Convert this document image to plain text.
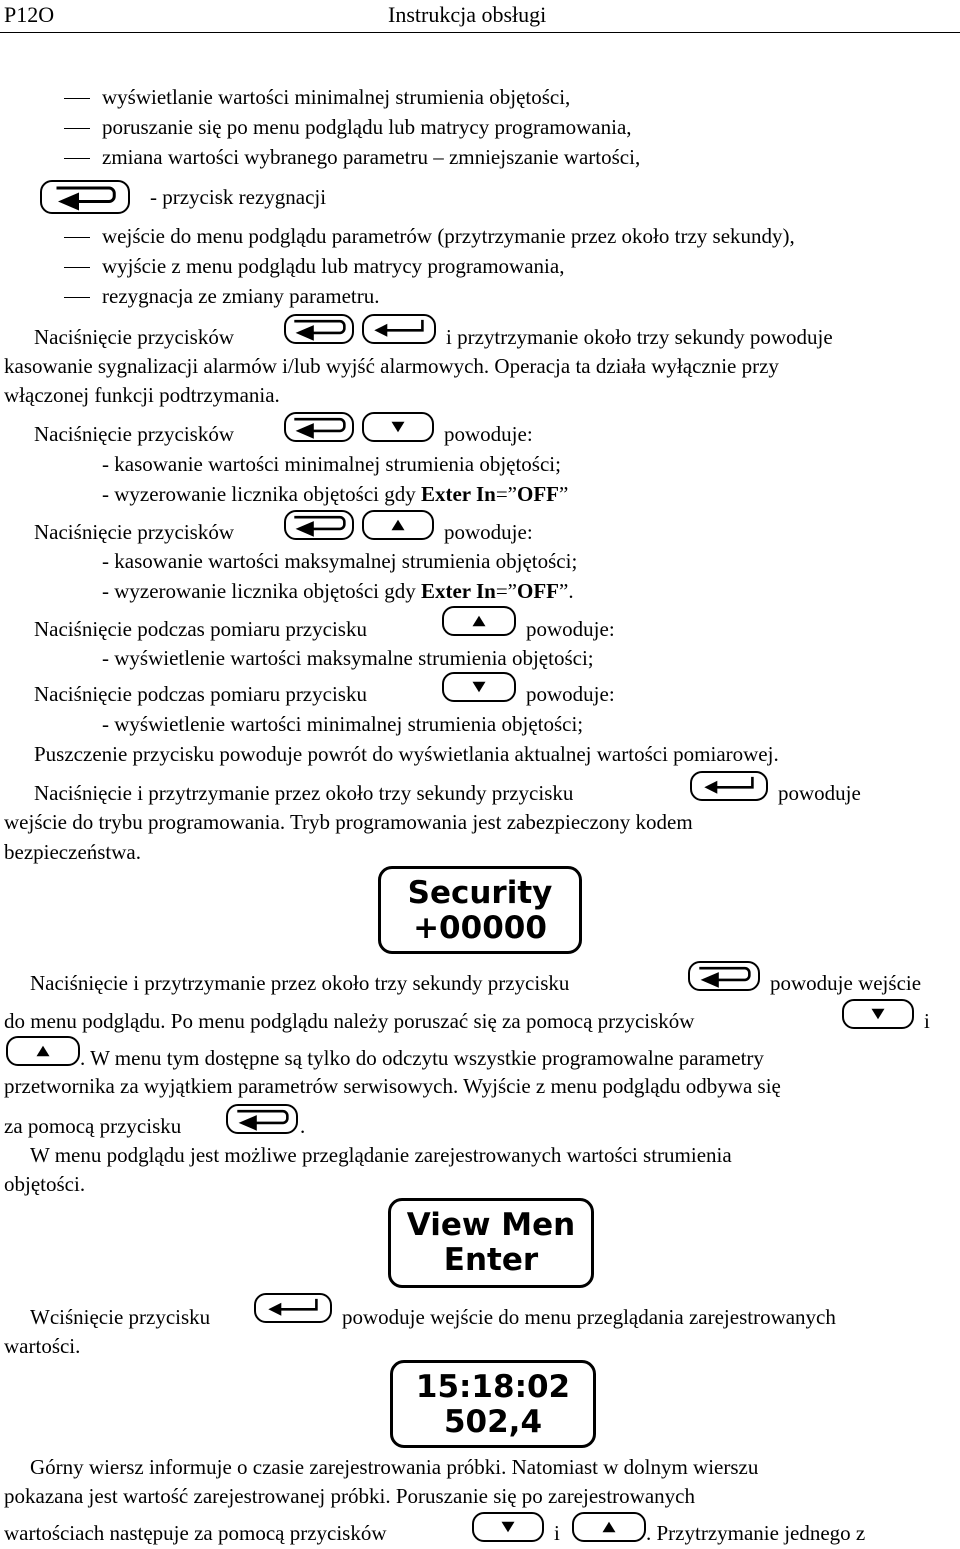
P12O	Instrukcja obsługi
wyświetlanie wartości minimalnej strumienia objętości,
poruszanie się po menu podglądu lub matrycy programowania,
zmiana wartości wybranego parametru – zmniejszanie wartości,
- przycisk rezygnacji
wejście do menu podglądu parametrów (przytrzymanie przez około trzy sekundy),
wyjście z menu podglądu lub matrycy programowania,
rezygnacja ze zmiany parametru.
Naciśnięcie przycisków	i przytrzymanie około trzy sekundy powoduje
kasowanie sygnalizacji alarmów i/lub wyjść alarmowych. Operacja ta działa wyłącznie przy
włączonej funkcji podtrzymania.
Naciśnięcie przycisków	powoduje:
- kasowanie wartości minimalnej strumienia objętości;
- wyzerowanie licznika objętości gdy Exter In=”OFF”
Naciśnięcie przycisków	powoduje:
- kasowanie wartości maksymalnej strumienia objętości;
- wyzerowanie licznika objętości gdy Exter In=”OFF”.
Naciśnięcie podczas pomiaru przycisku	powoduje:
- wyświetlenie wartości maksymalne strumienia objętości;
Naciśnięcie podczas pomiaru przycisku	powoduje:
- wyświetlenie wartości minimalnej strumienia objętości;
Puszczenie przycisku powoduje powrót do wyświetlania aktualnej wartości pomiarowej.
Naciśnięcie i przytrzymanie przez około trzy sekundy przycisku	powoduje
wejście do trybu programowania. Tryb programowania jest zabezpieczony kodem
bezpieczeństwa.
Security
+00000
Naciśnięcie i przytrzymanie przez około trzy sekundy przycisku	powoduje wejście
do menu podglądu. Po menu podglądu należy poruszać się za pomocą przycisków	i
. W menu tym dostępne są tylko do odczytu wszystkie programowalne parametry
przetwornika za wyjątkiem parametrów serwisowych. Wyjście z menu podglądu odbywa się
za pomocą przycisku	.
W menu podglądu jest możliwe przeglądanie zarejestrowanych wartości strumienia
objętości.
View Men
Enter
Wciśnięcie przycisku	powoduje wejście do menu przeglądania zarejestrowanych
wartości.
15:18:02
502,4
Górny wiersz informuje o czasie zarejestrowania próbki. Natomiast w dolnym wierszu
pokazana jest wartość zarejestrowanej próbki. Poruszanie się po zarejestrowanych
wartościach następuje za pomocą przycisków	i	. Przytrzymanie jednego z
